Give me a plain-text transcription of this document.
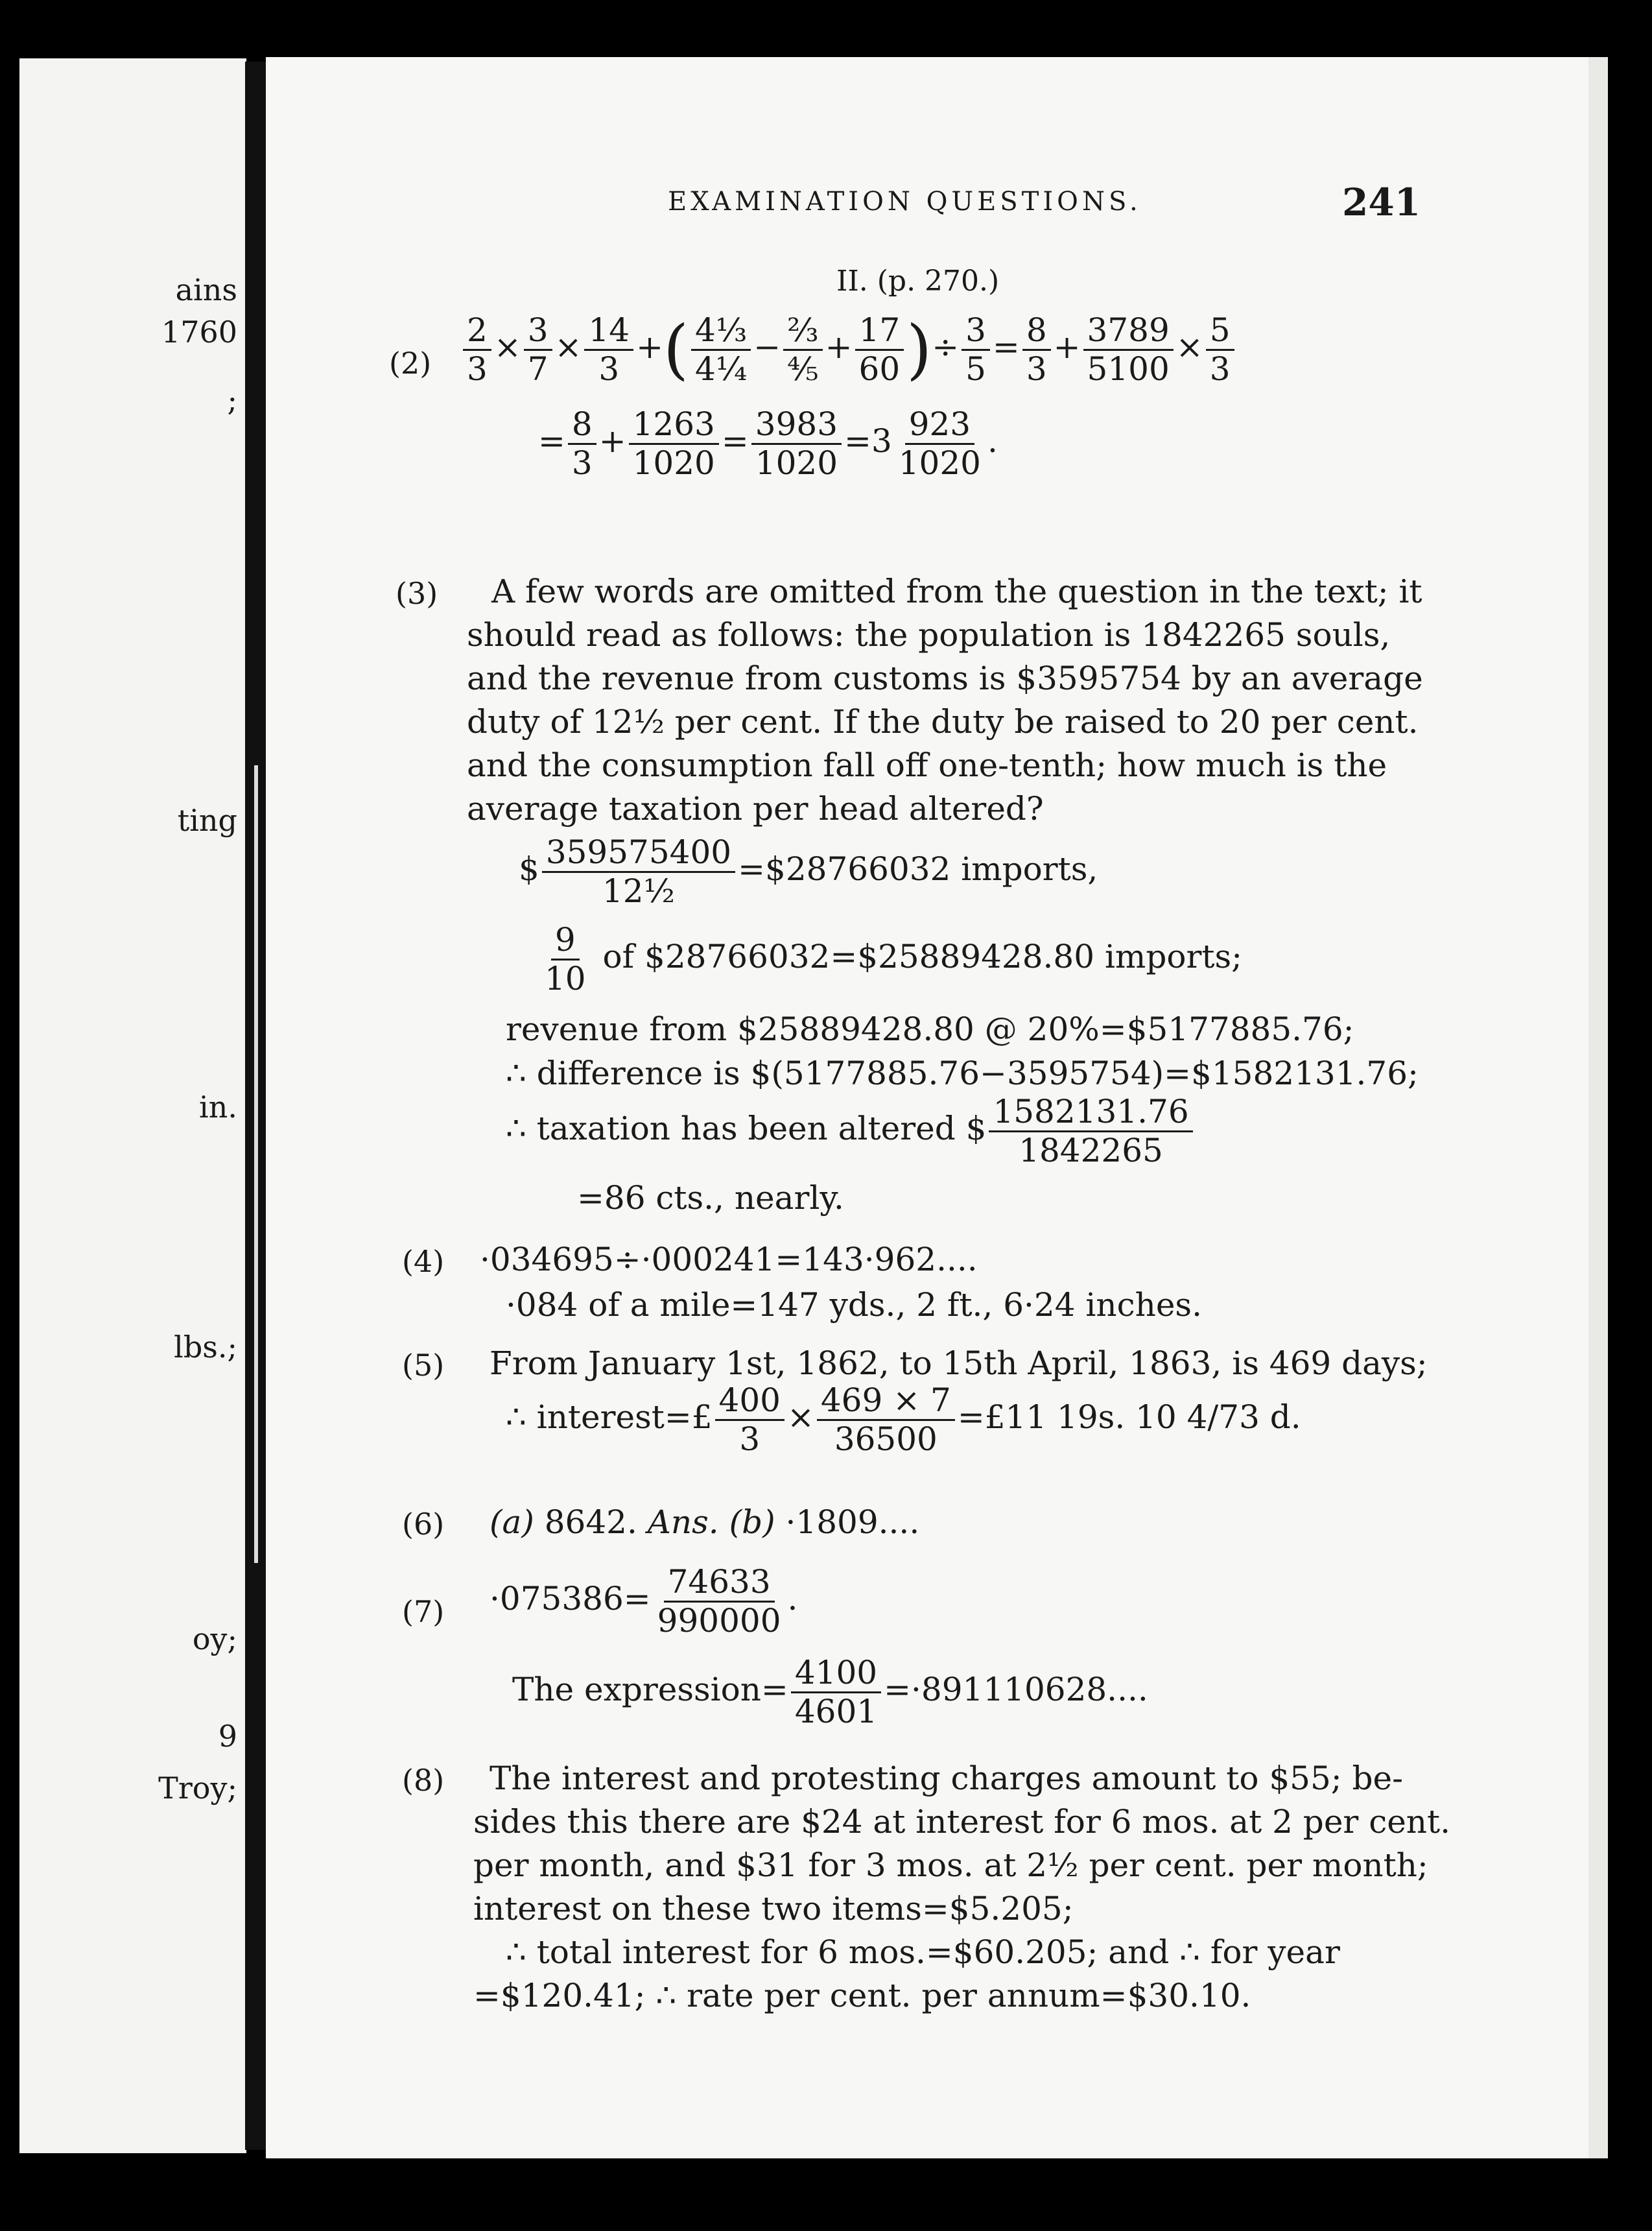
ains
1760
;
ting
in.
lbs.;
oy;
9
Troy;
EXAMINATION QUESTIONS.	241
II. (p. 270.)
$(2) \frac{2}{3} \times \frac{3}{7} \times \frac{14}{3}$ +( $\frac{\text{4⅓}}{\text{4¼}} - \frac{\text{⅔}}{\text{⅘}} + \frac{17}{60}$ )÷ $\frac{3}{5} = \frac{8}{3} + \frac{3789}{5100} \times \frac{5}{3}$
= $\frac{8}{3} + \frac{1263}{1020} = \frac{3983}{1020} =3 \frac{923}{1020}$ .
(3) A few words are omitted from the question in the text; it
should read as follows: the population is 1842265 souls,
and the revenue from customs is $3595754 by an average
duty of 12½ per cent. If the duty be raised to 20 per cent.
and the consumption fall off one-tenth; how much is the
average taxation per head altered?
$ $\frac{359575400}{\text{12½}}$ =$28766032 imports,
$\frac{9}{10}$ of $28766032=$25889428.80 imports;
revenue from $25889428.80 @ 20%=$5177885.76;
∴ difference is $(5177885.76−3595754)=$1582131.76;
∴ taxation has been altered $ $\frac{1582131.76}{1842265}$
=86 cts., nearly.
(4) ·034695÷·000241=143·962....
·084 of a mile=147 yds., 2 ft., 6·24 inches.
(5) From January 1st, 1862, to 15th April, 1863, is 469 days;
∴ interest=£ $\frac{400}{3} \times \frac{469 \times 7}{36500}$ =£11 19s. 10 4/73 d.
(6) (a) 8642. Ans. (b) ·1809....
$(7) \cdot 075386= \frac{74633}{990000}$ .
The expression= $\frac{4100}{4601} =\cdot 891110628$....
(8) The interest and protesting charges amount to $55; be-
sides this there are $24 at interest for 6 mos. at 2 per cent.
per month, and $31 for 3 mos. at 2½ per cent. per month;
interest on these two items=$5.205;
∴ total interest for 6 mos.=$60.205; and ∴ for year
=$120.41; ∴ rate per cent. per annum=$30.10.
